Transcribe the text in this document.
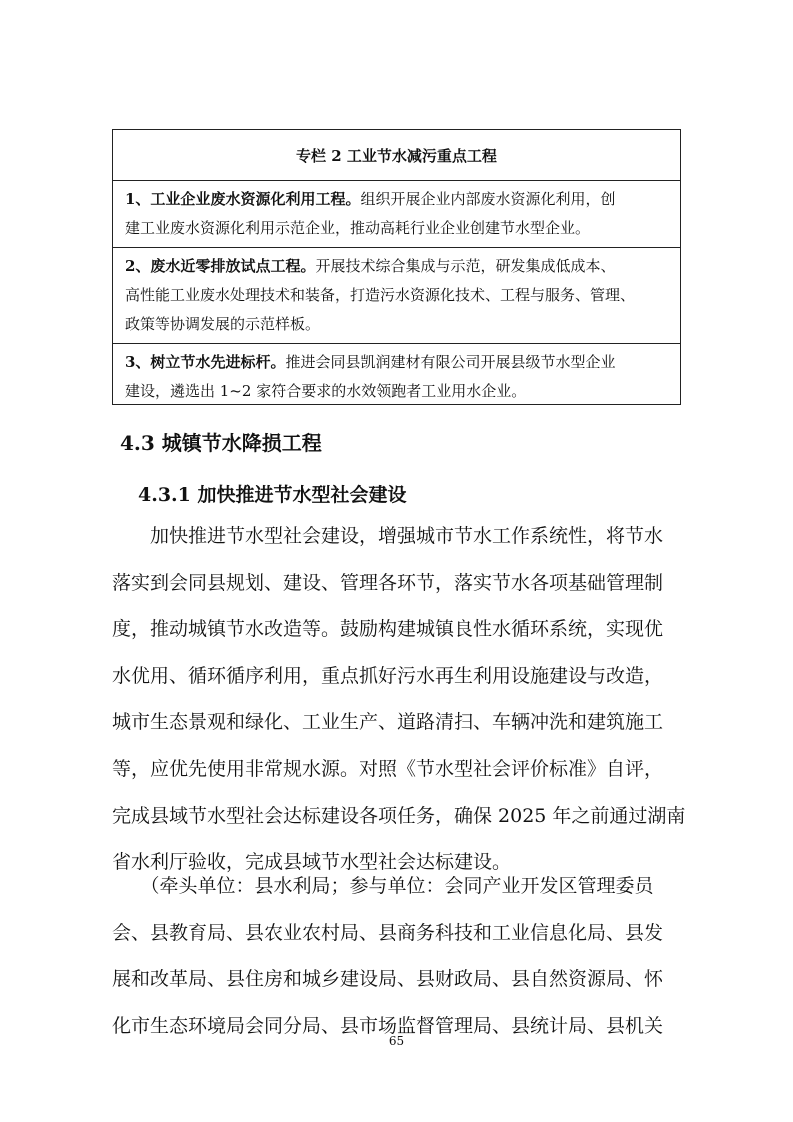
专栏 2 工业节水减污重点工程
1、工业企业废水资源化利用工程。组织开展企业内部废水资源化利用，创
建工业废水资源化利用示范企业，推动高耗行业企业创建节水型企业。
2、废水近零排放试点工程。开展技术综合集成与示范，研发集成低成本、
高性能工业废水处理技术和装备，打造污水资源化技术、工程与服务、管理、
政策等协调发展的示范样板。
3、树立节水先进标杆。推进会同县凯润建材有限公司开展县级节水型企业
建设，遴选出 1~2 家符合要求的水效领跑者工业用水企业。
4.3 城镇节水降损工程
4.3.1 加快推进节水型社会建设
　　加快推进节水型社会建设，增强城市节水工作系统性，将节水
落实到会同县规划、建设、管理各环节，落实节水各项基础管理制
度，推动城镇节水改造等。鼓励构建城镇良性水循环系统，实现优
水优用、循环循序利用，重点抓好污水再生利用设施建设与改造，
城市生态景观和绿化、工业生产、道路清扫、车辆冲洗和建筑施工
等，应优先使用非常规水源。对照《节水型社会评价标准》自评，
完成县域节水型社会达标建设各项任务，确保 2025 年之前通过湖南
省水利厅验收，完成县域节水型社会达标建设。
　　（牵头单位：县水利局；参与单位：会同产业开发区管理委员
会、县教育局、县农业农村局、县商务科技和工业信息化局、县发
展和改革局、县住房和城乡建设局、县财政局、县自然资源局、怀
化市生态环境局会同分局、县市场监督管理局、县统计局、县机关
65
